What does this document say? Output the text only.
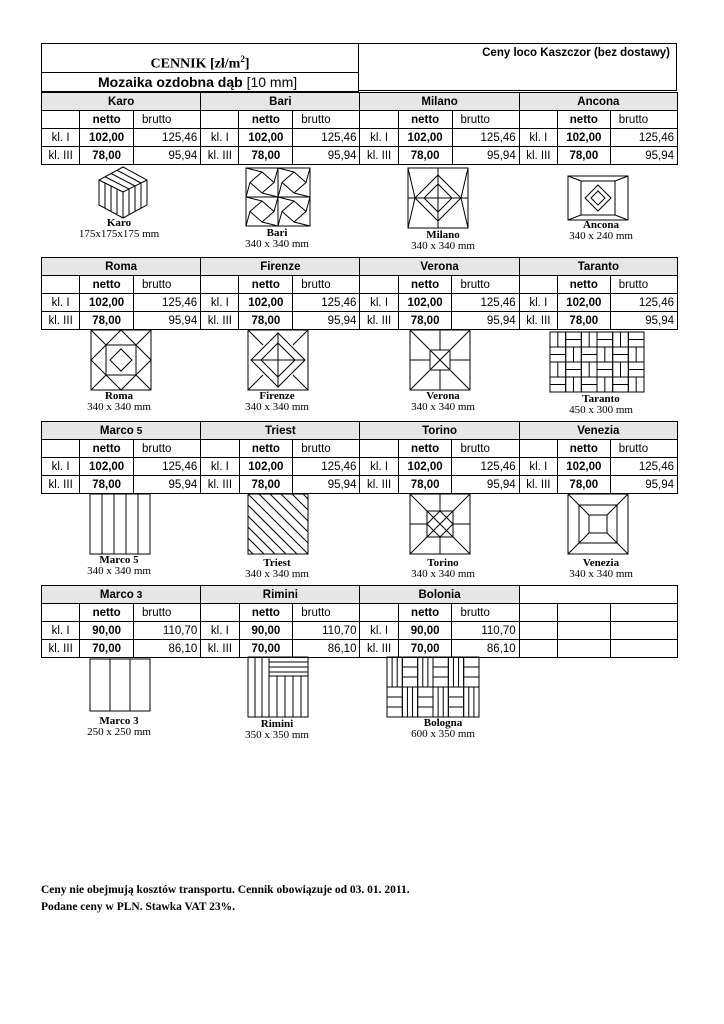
CENNIK $[zł/m^2]$
Ceny loco Kaszczor (bez dostawy)
Mozaika ozdobna dąb [10 mm]
Karo			Bari			Milano			Ancona		
	netto	brutto		netto	brutto		netto	brutto		netto	brutto
kl. I	102,00	125,46	kl. I	102,00	125,46	kl. I	102,00	125,46	kl. I	102,00	125,46
kl. III	78,00	95,94	kl. III	78,00	95,94	kl. III	78,00	95,94	kl. III	78,00	95,94
Roma			Firenze			Verona			Taranto		
	netto	brutto		netto	brutto		netto	brutto		netto	brutto
kl. I	102,00	125,46	kl. I	102,00	125,46	kl. I	102,00	125,46	kl. I	102,00	125,46
kl. III	78,00	95,94	kl. III	78,00	95,94	kl. III	78,00	95,94	kl. III	78,00	95,94
Marco 5			Triest			Torino			Venezia		
	netto	brutto		netto	brutto		netto	brutto		netto	brutto
kl. I	102,00	125,46	kl. I	102,00	125,46	kl. I	102,00	125,46	kl. I	102,00	125,46
kl. III	78,00	95,94	kl. III	78,00	95,94	kl. III	78,00	95,94	kl. III	78,00	95,94
Marco 3			Rimini			Bolonia					
	netto	brutto		netto	brutto		netto	brutto			
kl. I	90,00	110,70	kl. I	90,00	110,70	kl. I	90,00	110,70			
kl. III	70,00	86,10	kl. III	70,00	86,10	kl. III	70,00	86,10			
Karo
175x175x175 mm	Bari
340 x 340 mm
Milano
340 x 340 mm
Ancona
340 x 240 mm
Roma
340 x 340 mm
Firenze
340 x 340 mm
Verona
340 x 340 mm
Taranto
450 x 300 mm
Marco 5
340 x 340 mm
Triest
340 x 340 mm
Torino
340 x 340 mm
Venezia
340 x 340 mm
Marco 3
250 x 250 mm
Rimini
350 x 350 mm
Bologna
600 x 350 mm
Ceny nie obejmują kosztów transportu. Cennik obowiązuje od 03. 01. 2011.
Podane ceny w PLN. Stawka VAT 23%.
